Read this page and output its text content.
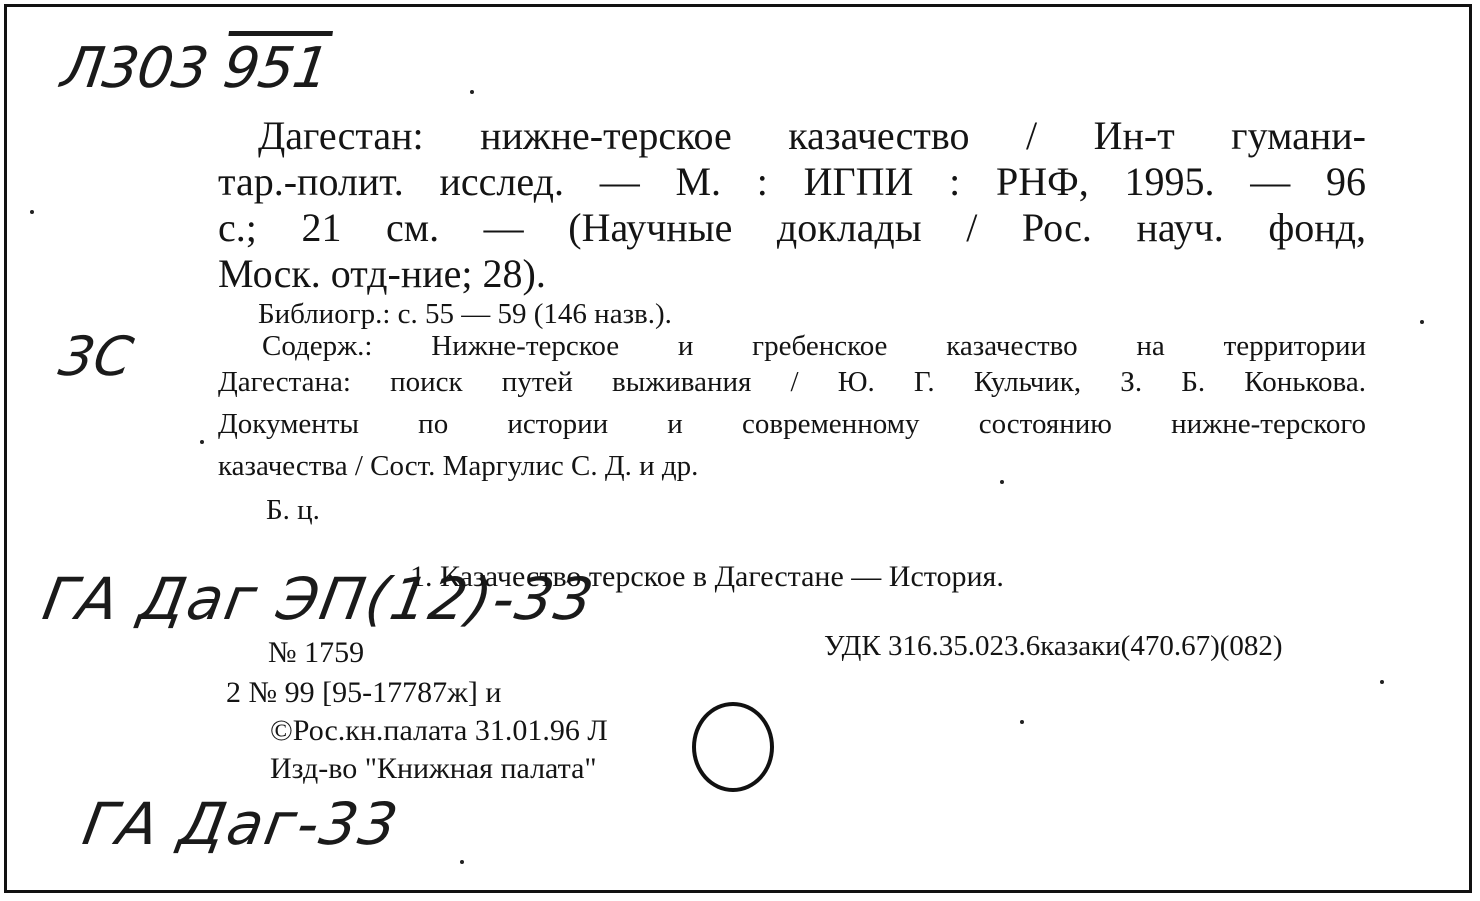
Л303 951
3С
ГА Даг ЭП(12)-33
ГА Даг-33
Дагестан: нижне-терское казачество / Ин-т гумани-
тар.-полит. исслед. — М. : ИГПИ : РНФ, 1995. — 96
с.; 21 см. — (Научные доклады / Рос. науч. фонд,
Моск. отд-ние; 28).
Библиогр.: с. 55 — 59 (146 назв.).
Содерж.: Нижне-терское и гребенское казачество на территории
Дагестана: поиск путей выживания / Ю. Г. Кульчик, З. Б. Конькова.
Документы по истории и современному состоянию нижне-терского
казачества / Сост. Маргулис С. Д. и др.
Б. ц.
1. Казачество терское в Дагестане — История.
№ 1759	УДК 316.35.023.6казаки(470.67)(082)
2 № 99 [95-17787ж] и
©Рос.кн.палата 31.01.96 Л
Изд-во "Книжная палата"
